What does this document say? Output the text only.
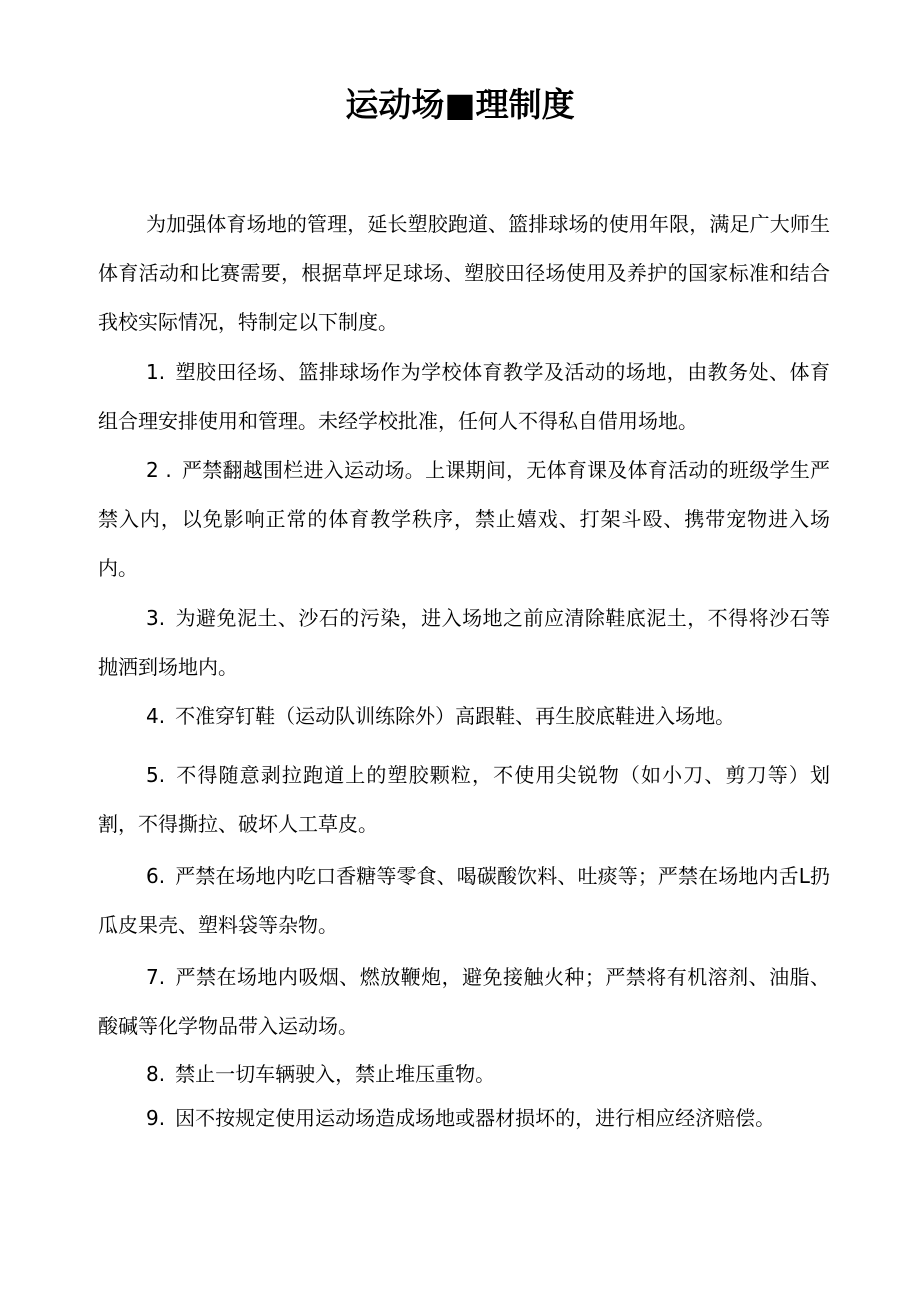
运动场■理制度

为加强体育场地的管理，延长塑胶跑道、篮排球场的使用年限，满足广大师生体育活动和比赛需要，根据草坪足球场、塑胶田径场使用及养护的国家标准和结合我校实际情况，特制定以下制度。

1. 塑胶田径场、篮排球场作为学校体育教学及活动的场地，由教务处、体育组合理安排使用和管理。未经学校批准，任何人不得私自借用场地。

2 . 严禁翻越围栏进入运动场。上课期间，无体育课及体育活动的班级学生严禁入内，以免影响正常的体育教学秩序，禁止嬉戏、打架斗殴、携带宠物进入场内。

3. 为避免泥土、沙石的污染，进入场地之前应清除鞋底泥土，不得将沙石等抛洒到场地内。

4. 不准穿钉鞋（运动队训练除外）高跟鞋、再生胶底鞋进入场地。

5. 不得随意剥拉跑道上的塑胶颗粒，不使用尖锐物（如小刀、剪刀等）划割，不得撕拉、破坏人工草皮。

6. 严禁在场地内吃口香糖等零食、喝碳酸饮料、吐痰等；严禁在场地内舌L扔瓜皮果壳、塑料袋等杂物。

7. 严禁在场地内吸烟、燃放鞭炮，避免接触火种；严禁将有机溶剂、油脂、酸碱等化学物品带入运动场。

8. 禁止一切车辆驶入，禁止堆压重物。

9. 因不按规定使用运动场造成场地或器材损坏的，进行相应经济赔偿。
